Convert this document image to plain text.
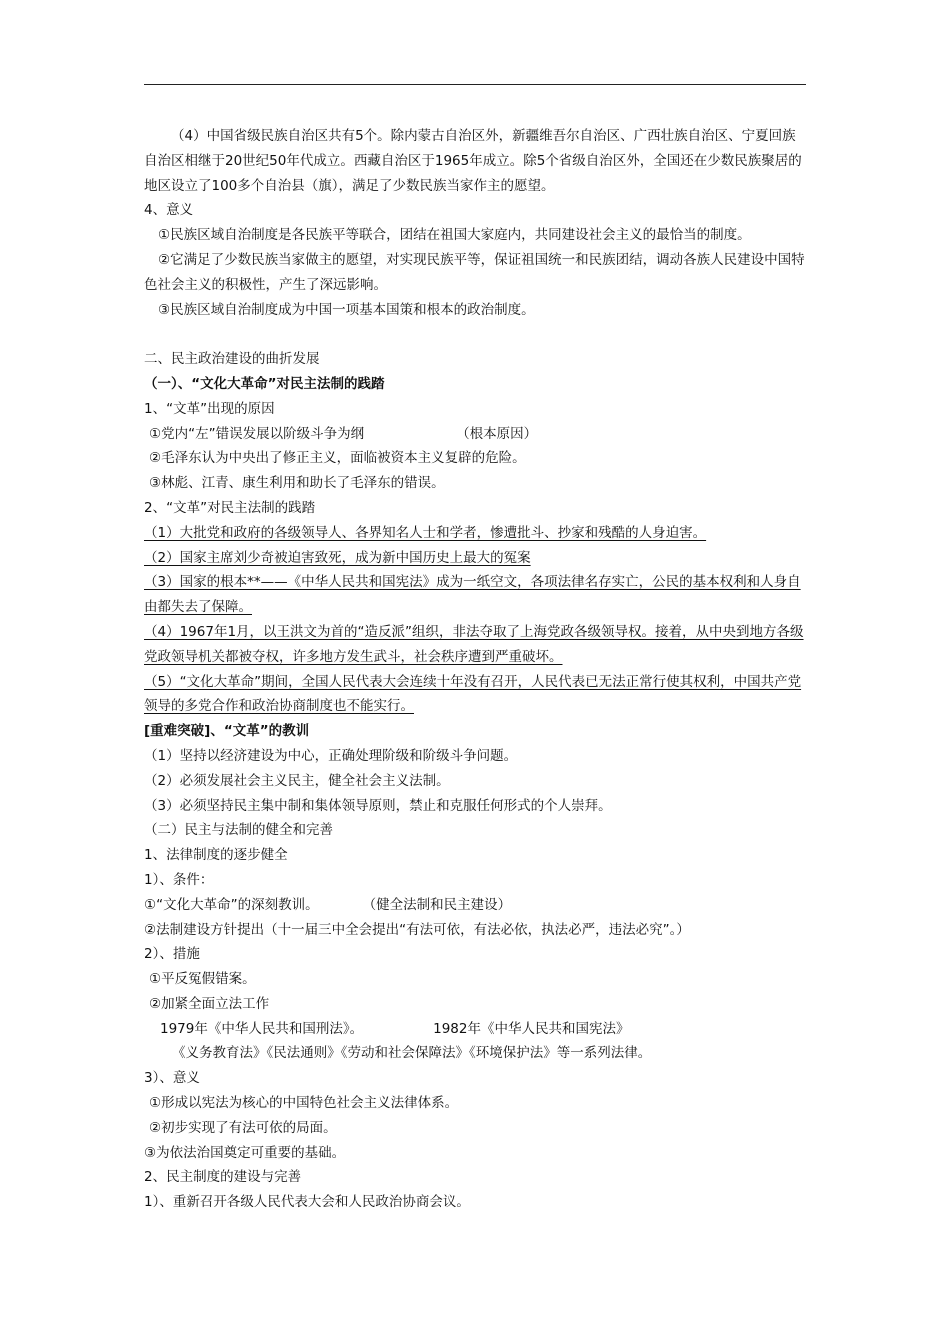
（4）中国省级民族自治区共有5个。除内蒙古自治区外，新疆维吾尔自治区、广西壮族自治区、宁夏回族自治区相继于20世纪50年代成立。西藏自治区于1965年成立。除5个省级自治区外，全国还在少数民族聚居的地区设立了100多个自治县（旗），满足了少数民族当家作主的愿望。

4、意义

①民族区域自治制度是各民族平等联合，团结在祖国大家庭内，共同建设社会主义的最恰当的制度。

②它满足了少数民族当家做主的愿望，对实现民族平等，保证祖国统一和民族团结，调动各族人民建设中国特色社会主义的积极性，产生了深远影响。

③民族区域自治制度成为中国一项基本国策和根本的政治制度。

二、民主政治建设的曲折发展

（一）、“文化大革命”对民主法制的践踏

1、“文革”出现的原因

①党内“左”错误发展以阶级斗争为纲	（根本原因）

②毛泽东认为中央出了修正主义，面临被资本主义复辟的危险。

③林彪、江青、康生利用和助长了毛泽东的错误。

2、“文革”对民主法制的践踏

（1）大批党和政府的各级领导人、各界知名人士和学者，惨遭批斗、抄家和残酷的人身迫害。

（2）国家主席刘少奇被迫害致死，成为新中国历史上最大的冤案

（3）国家的根本**——《中华人民共和国宪法》成为一纸空文，各项法律名存实亡，公民的基本权利和人身自由都失去了保障。

（4）1967年1月，以王洪文为首的“造反派”组织，非法夺取了上海党政各级领导权。接着，从中央到地方各级党政领导机关都被夺权，许多地方发生武斗，社会秩序遭到严重破坏。

（5）“文化大革命”期间，全国人民代表大会连续十年没有召开，人民代表已无法正常行使其权利，中国共产党领导的多党合作和政治协商制度也不能实行。

[重难突破]、“文革”的教训

（1）坚持以经济建设为中心，正确处理阶级和阶级斗争问题。

（2）必须发展社会主义民主，健全社会主义法制。

（3）必须坚持民主集中制和集体领导原则，禁止和克服任何形式的个人崇拜。

（二）民主与法制的健全和完善

1、法律制度的逐步健全

1）、条件：

①“文化大革命”的深刻教训。	（健全法制和民主建设）

②法制建设方针提出（十一届三中全会提出“有法可依，有法必依，执法必严，违法必究”。）

2）、措施

①平反冤假错案。

②加紧全面立法工作

1979年《中华人民共和国刑法》。	1982年《中华人民共和国宪法》

《义务教育法》《民法通则》《劳动和社会保障法》《环境保护法》等一系列法律。

3）、意义

①形成以宪法为核心的中国特色社会主义法律体系。

②初步实现了有法可依的局面。

③为依法治国奠定可重要的基础。

2、民主制度的建设与完善

1）、重新召开各级人民代表大会和人民政治协商会议。
